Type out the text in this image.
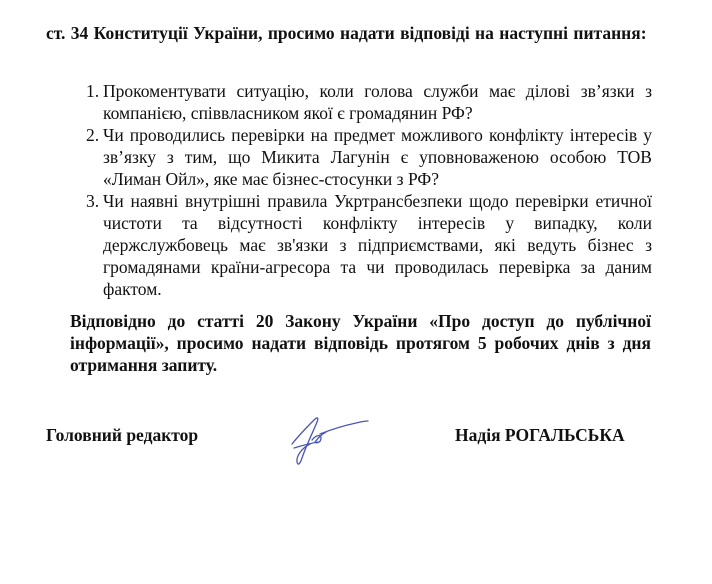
ст. 34 Конституції України, просимо надати відповіді на наступні питання:

1. Прокоментувати ситуацію, коли голова служби має ділові зв’язки з компанією, співвласником якої є громадянин РФ?
2. Чи проводились перевірки на предмет можливого конфлікту інтересів у зв’язку з тим, що Микита Лагунін є уповноваженою особою ТОВ «Лиман Ойл», яке має бізнес-стосунки з РФ?
3. Чи наявні внутрішні правила Укртрансбезпеки щодо перевірки етичної чистоти та відсутності конфлікту інтересів у випадку, коли держслужбовець має зв'язки з підприємствами, які ведуть бізнес з громадянами країни-агресора та чи проводилась перевірка за даним фактом.

Відповідно до статті 20 Закону України «Про доступ до публічної інформації», просимо надати відповідь протягом 5 робочих днів з дня отримання запиту.

Головний редактор	Надія РОГАЛЬСЬКА
